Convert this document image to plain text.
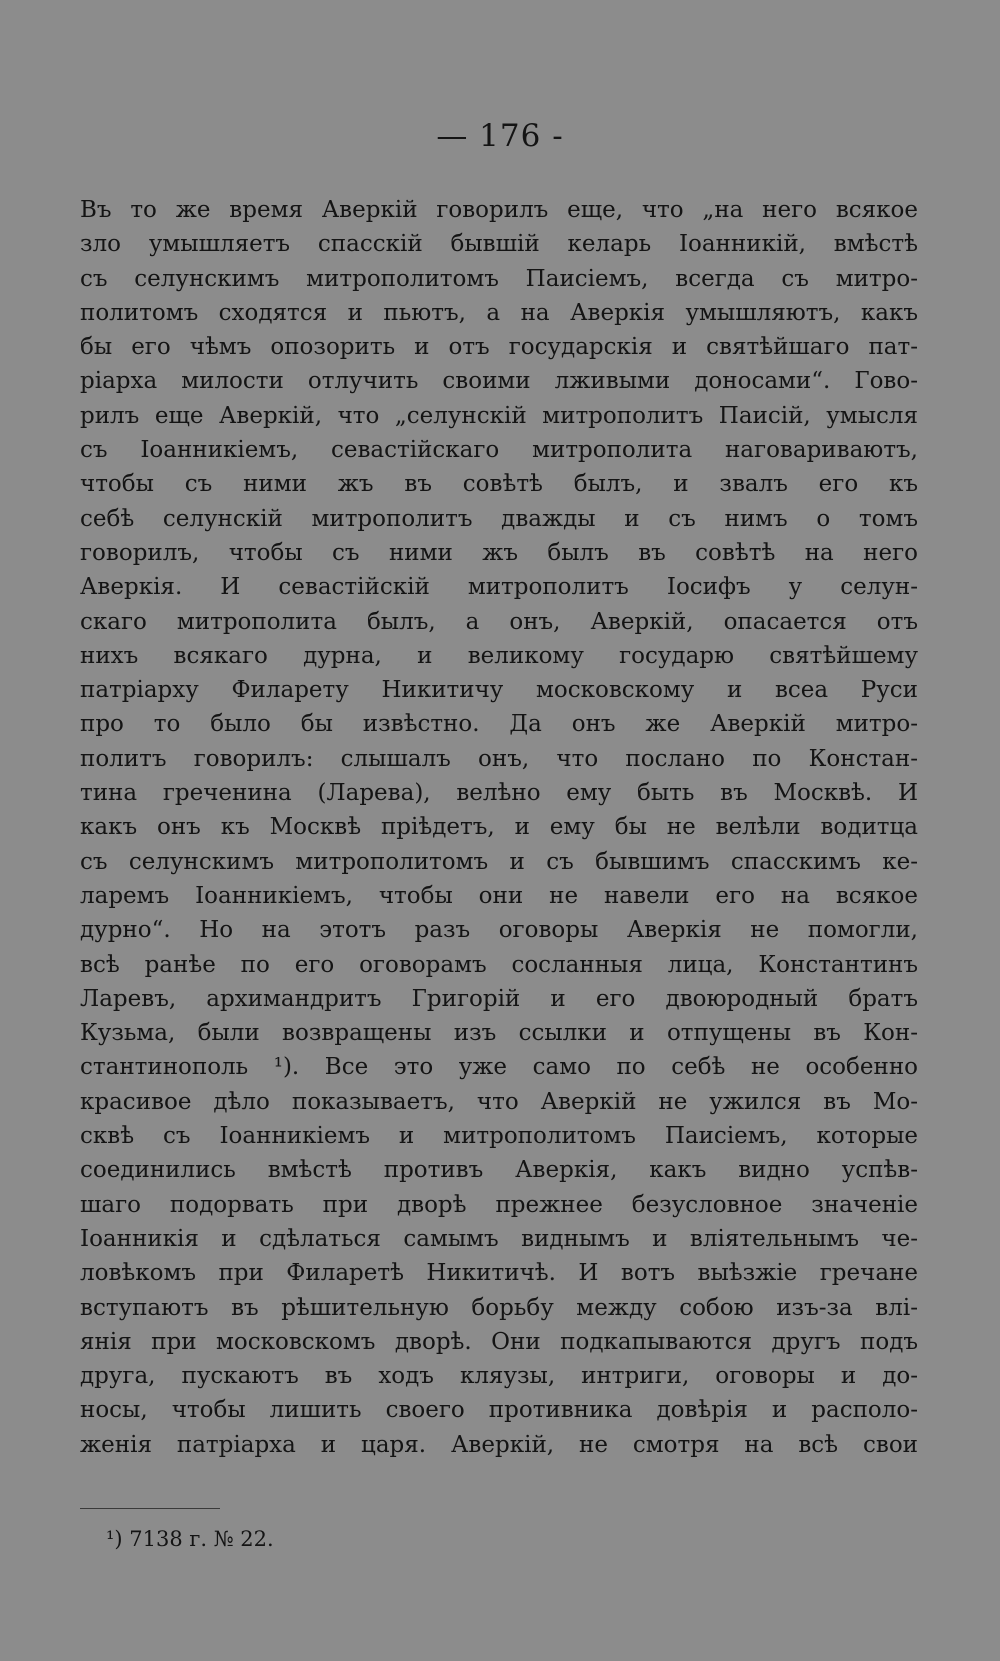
— 176 -
Въ то же время Аверкій говорилъ еще, что „на него всякое
зло умышляетъ спасскій бывшій келарь Іоанникій, вмѣстѣ
съ селунскимъ митрополитомъ Паисіемъ, всегда съ митро-
политомъ сходятся и пьютъ, а на Аверкія умышляютъ, какъ
бы его чѣмъ опозорить и отъ государскія и святѣйшаго пат-
ріарха милости отлучить своими лживыми доносами“. Гово-
рилъ еще Аверкій, что „селунскій митрополитъ Паисій, умысля
съ Іоанникіемъ, севастійскаго митрополита наговариваютъ,
чтобы съ ними жъ въ совѣтѣ былъ, и звалъ его къ
себѣ селунскій митрополитъ дважды и съ нимъ о томъ
говорилъ, чтобы съ ними жъ былъ въ совѣтѣ на него
Аверкія. И севастійскій митрополитъ Іосифъ у селун-
скаго митрополита былъ, а онъ, Аверкій, опасается отъ
нихъ всякаго дурна, и великому государю святѣйшему
патріарху Филарету Никитичу московскому и всеа Руси
про то было бы извѣстно. Да онъ же Аверкій митро-
политъ говорилъ: слышалъ онъ, что послано по Констан-
тина греченина (Ларева), велѣно ему быть въ Москвѣ. И
какъ онъ къ Москвѣ пріѣдетъ, и ему бы не велѣли водитца
съ селунскимъ митрополитомъ и съ бывшимъ спасскимъ ке-
ларемъ Іоанникіемъ, чтобы они не навели его на всякое
дурно“. Но на этотъ разъ оговоры Аверкія не помогли,
всѣ ранѣе по его оговорамъ сосланныя лица, Константинъ
Ларевъ, архимандритъ Григорій и его двоюродный братъ
Кузьма, были возвращены изъ ссылки и отпущены въ Кон-
стантинополь ¹). Все это уже само по себѣ не особенно
красивое дѣло показываетъ, что Аверкій не ужился въ Мо-
сквѣ съ Іоанникіемъ и митрополитомъ Паисіемъ, которые
соединились вмѣстѣ противъ Аверкія, какъ видно успѣв-
шаго подорвать при дворѣ прежнее безусловное значеніе
Іоанникія и сдѣлаться самымъ виднымъ и вліятельнымъ че-
ловѣкомъ при Филаретѣ Никитичѣ. И вотъ выѣзжіе гречане
вступаютъ въ рѣшительную борьбу между собою изъ-за влі-
янія при московскомъ дворѣ. Они подкапываются другъ подъ
друга, пускаютъ въ ходъ кляузы, интриги, оговоры и до-
носы, чтобы лишить своего противника довѣрія и располо-
женія патріарха и царя. Аверкій, не смотря на всѣ свои
¹) 7138 г. № 22.
